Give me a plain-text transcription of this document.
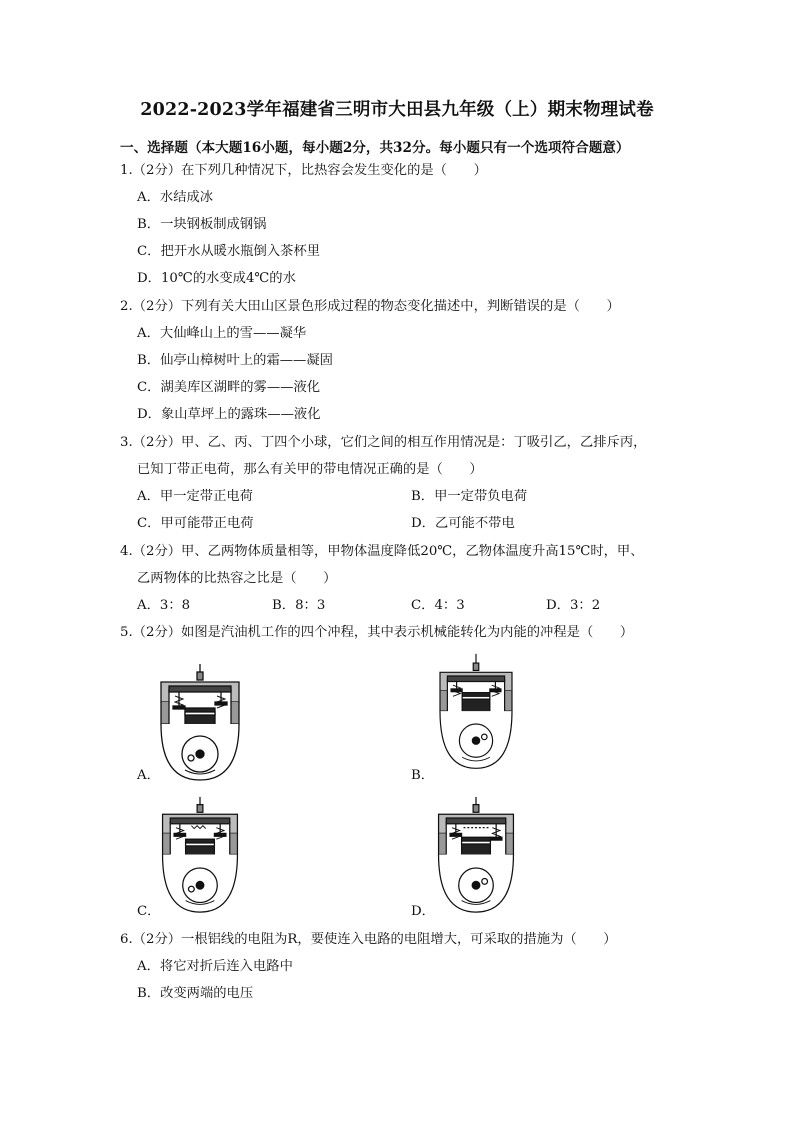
2022-2023学年福建省三明市大田县九年级（上）期末物理试卷
一、选择题（本大题16小题，每小题2分，共32分。每小题只有一个选项符合题意）
1.（2分）在下列几种情况下，比热容会发生变化的是（　　）
A．水结成冰
B．一块钢板制成钢锅
C．把开水从暖水瓶倒入茶杯里
D．10℃的水变成4℃的水
2.（2分）下列有关大田山区景色形成过程的物态变化描述中，判断错误的是（　　）
A．大仙峰山上的雪——凝华
B．仙亭山樟树叶上的霜——凝固
C．湖美库区湖畔的雾——液化
D．象山草坪上的露珠——液化
3.（2分）甲、乙、丙、丁四个小球，它们之间的相互作用情况是：丁吸引乙，乙排斥丙，
已知丁带正电荷，那么有关甲的带电情况正确的是（　　）
A．甲一定带正电荷	B．甲一定带负电荷
C．甲可能带正电荷	D．乙可能不带电
4.（2分）甲、乙两物体质量相等，甲物体温度降低20℃，乙物体温度升高15℃时，甲、
乙两物体的比热容之比是（　　）
A．3：8	B．8：3	C．4：3	D．3：2
5.（2分）如图是汽油机工作的四个冲程，其中表示机械能转化为内能的冲程是（　　）
A．	B．
C．	D．
6.（2分）一根铝线的电阻为R，要使连入电路的电阻增大，可采取的措施为（　　）
A．将它对折后连入电路中
B．改变两端的电压
